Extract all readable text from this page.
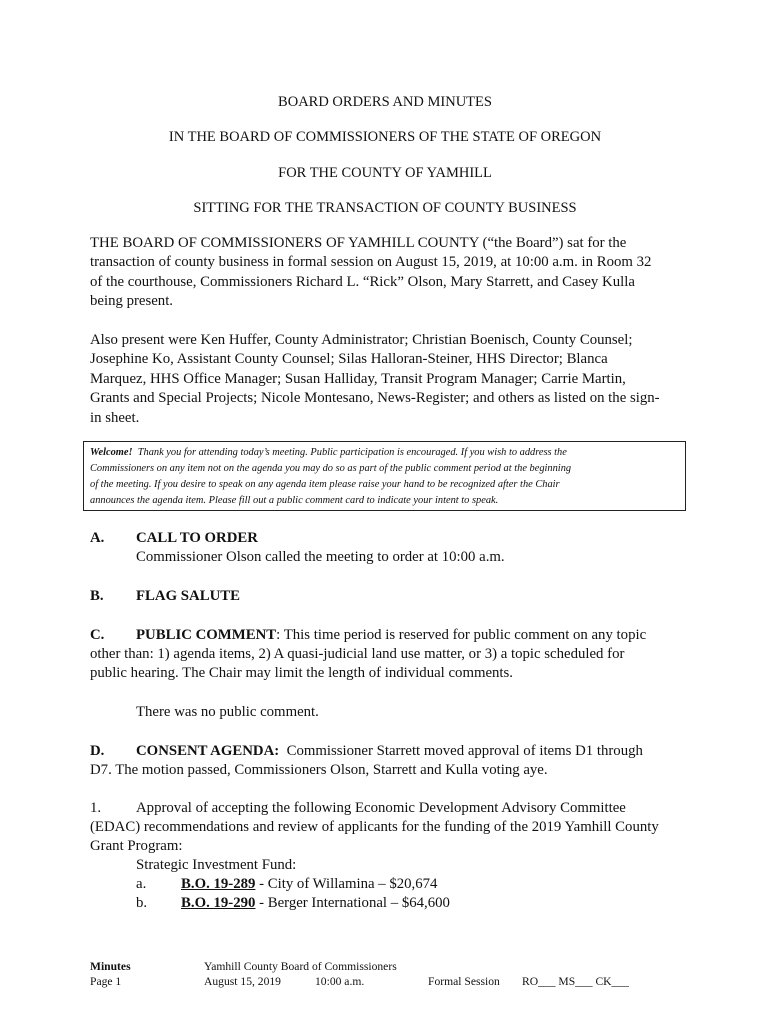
BOARD ORDERS AND MINUTES
IN THE BOARD OF COMMISSIONERS OF THE STATE OF OREGON
FOR THE COUNTY OF YAMHILL
SITTING FOR THE TRANSACTION OF COUNTY BUSINESS
THE BOARD OF COMMISSIONERS OF YAMHILL COUNTY (“the Board”) sat for the
transaction of county business in formal session on August 15, 2019, at 10:00 a.m. in Room 32
of the courthouse, Commissioners Richard L. “Rick” Olson, Mary Starrett, and Casey Kulla
being present.
Also present were Ken Huffer, County Administrator; Christian Boenisch, County Counsel;
Josephine Ko, Assistant County Counsel; Silas Halloran-Steiner, HHS Director; Blanca
Marquez, HHS Office Manager; Susan Halliday, Transit Program Manager; Carrie Martin,
Grants and Special Projects; Nicole Montesano, News-Register; and others as listed on the sign-
in sheet.
Welcome! Thank you for attending today’s meeting. Public participation is encouraged. If you wish to address the
Commissioners on any item not on the agenda you may do so as part of the public comment period at the beginning
of the meeting. If you desire to speak on any agenda item please raise your hand to be recognized after the Chair
announces the agenda item. Please fill out a public comment card to indicate your intent to speak.
A. CALL TO ORDER
Commissioner Olson called the meeting to order at 10:00 a.m.
B. FLAG SALUTE
C. PUBLIC COMMENT: This time period is reserved for public comment on any topic
other than: 1) agenda items, 2) A quasi-judicial land use matter, or 3) a topic scheduled for
public hearing. The Chair may limit the length of individual comments.
There was no public comment.
D. CONSENT AGENDA:  Commissioner Starrett moved approval of items D1 through
D7. The motion passed, Commissioners Olson, Starrett and Kulla voting aye.
1. Approval of accepting the following Economic Development Advisory Committee
(EDAC) recommendations and review of applicants for the funding of the 2019 Yamhill County
Grant Program:
Strategic Investment Fund:
a. B.O. 19-289 - City of Willamina – $20,674
b. B.O. 19-290 - Berger International – $64,600
Minutes
Page 1
Yamhill County Board of Commissioners
August 15, 2019	10:00 a.m.	Formal Session RO___ MS___ CK___
